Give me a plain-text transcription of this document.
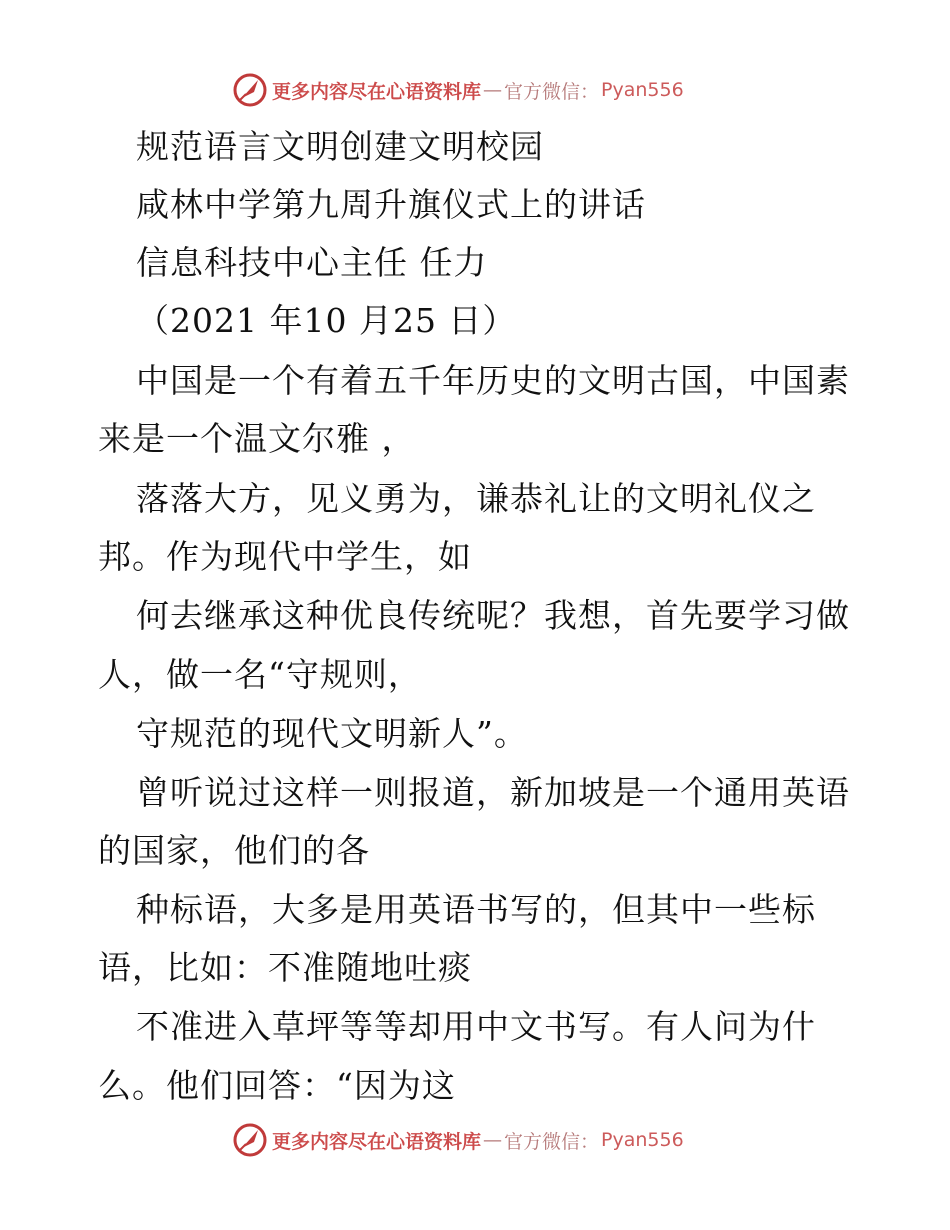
更多内容尽在心语资料库 — 官方微信： Pyan556
规范语言文明创建文明校园
咸林中学第九周升旗仪式上的讲话
信息科技中心主任 任力
（2021 年10 月25 日）
中国是一个有着五千年历史的文明古国，中国素
来是一个温文尔雅 ，
落落大方，见义勇为，谦恭礼让的文明礼仪之
邦。作为现代中学生，如
何去继承这种优良传统呢？我想，首先要学习做
人，做一名“守规则，
守规范的现代文明新人”。
曾听说过这样一则报道，新加坡是一个通用英语
的国家，他们的各
种标语，大多是用英语书写的，但其中一些标
语，比如：不准随地吐痰
不准进入草坪等等却用中文书写。有人问为什
么。他们回答：“因为这
更多内容尽在心语资料库 — 官方微信： Pyan556
